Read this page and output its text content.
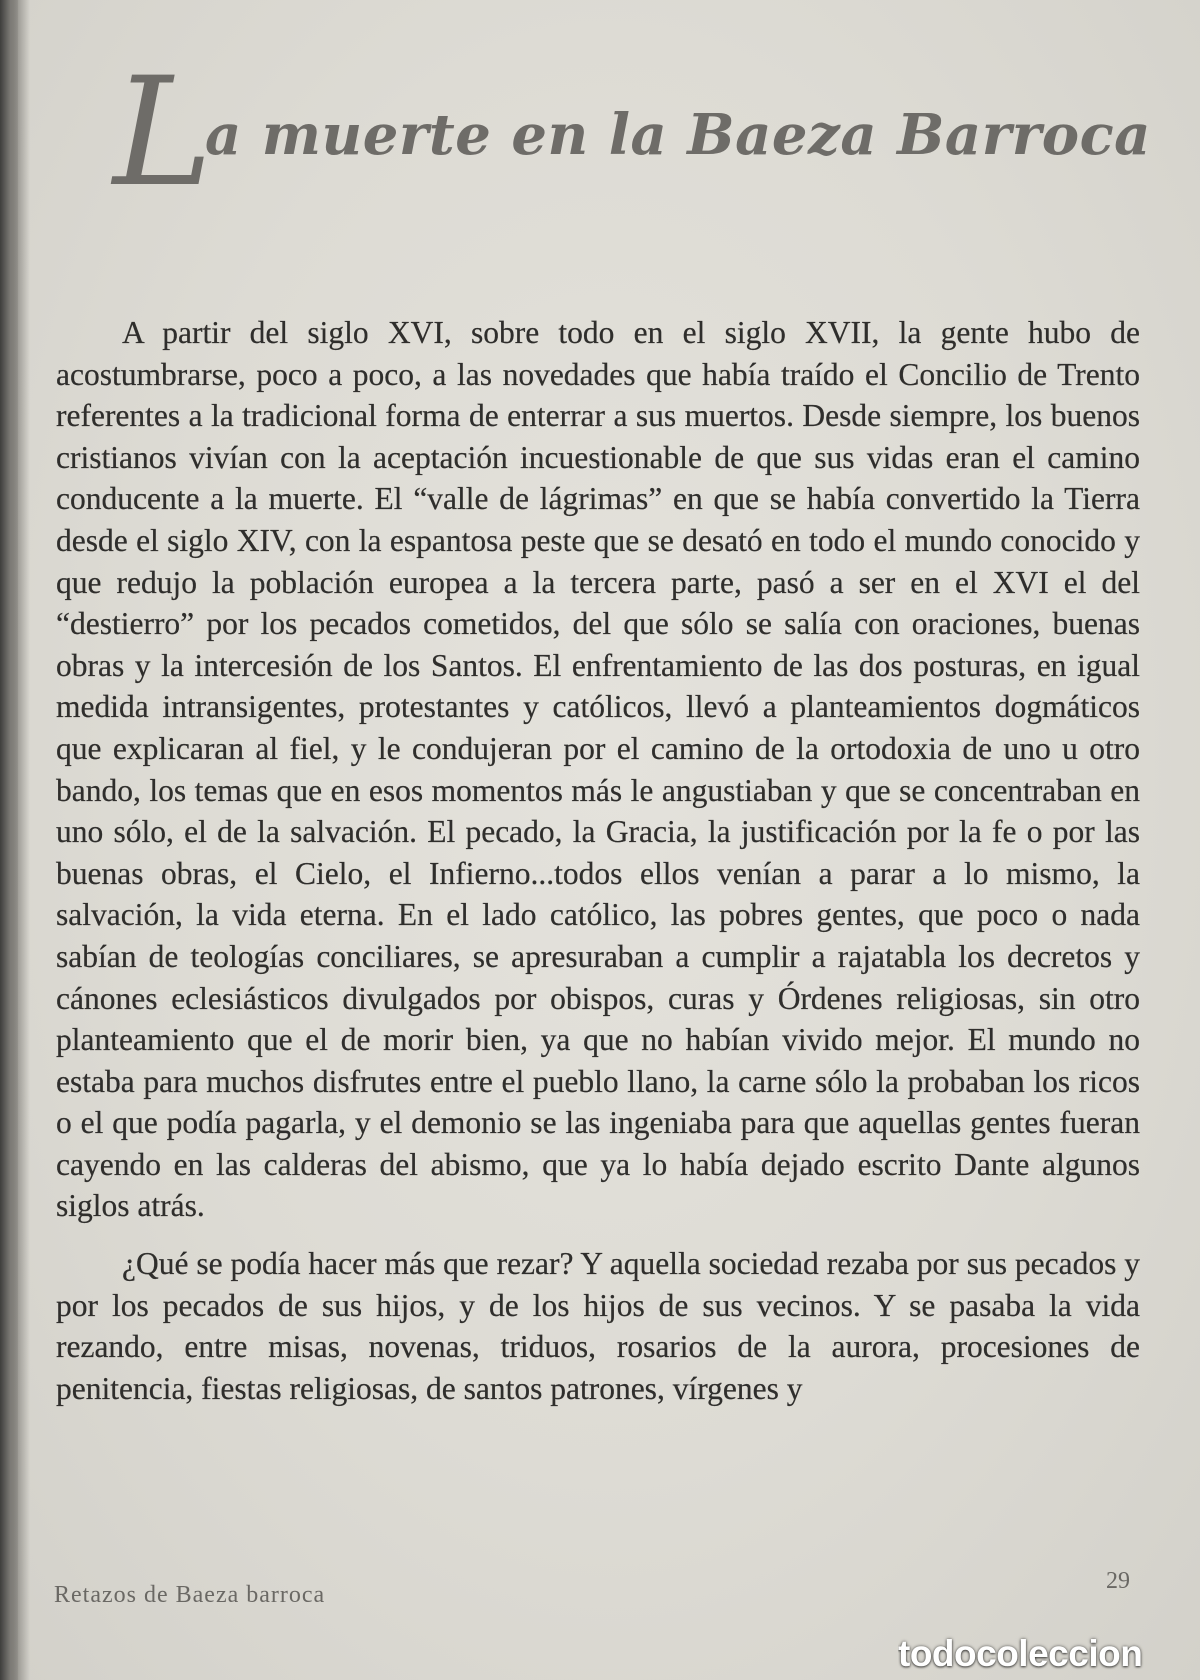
L
a muerte en la Baeza Barroca

A partir del siglo XVI, sobre todo en el siglo XVII, la gente hubo de acostumbrarse, poco a poco, a las novedades que había traído el Concilio de Trento referentes a la tradicional forma de enterrar a sus muertos. Desde siempre, los buenos cristianos vivían con la aceptación incuestionable de que sus vidas eran el camino conducente a la muerte. El “valle de lágrimas” en que se había convertido la Tierra desde el siglo XIV, con la espantosa peste que se desató en todo el mundo conocido y que redujo la población europea a la tercera parte, pasó a ser en el XVI el del “destierro” por los pecados cometidos, del que sólo se salía con oraciones, buenas obras y la intercesión de los Santos. El enfrentamiento de las dos posturas, en igual medida intransigentes, protestantes y católicos, llevó a planteamientos dogmáticos que explicaran al fiel, y le condujeran por el camino de la ortodoxia de uno u otro bando, los temas que en esos momentos más le angustiaban y que se concentraban en uno sólo, el de la salvación. El pecado, la Gracia, la justificación por la fe o por las buenas obras, el Cielo, el Infierno...todos ellos venían a parar a lo mismo, la salvación, la vida eterna. En el lado católico, las pobres gentes, que poco o nada sabían de teologías conciliares, se apresuraban a cumplir a rajatabla los decretos y cánones eclesiásticos divulgados por obispos, curas y Órdenes religiosas, sin otro planteamiento que el de morir bien, ya que no habían vivido mejor. El mundo no estaba para muchos disfrutes entre el pueblo llano, la carne sólo la probaban los ricos o el que podía pagarla, y el demonio se las ingeniaba para que aquellas gentes fueran cayendo en las calderas del abismo, que ya lo había dejado escrito Dante algunos siglos atrás.

¿Qué se podía hacer más que rezar? Y aquella sociedad rezaba por sus pecados y por los pecados de sus hijos, y de los hijos de sus vecinos. Y se pasaba la vida rezando, entre misas, novenas, triduos, rosarios de la aurora, procesiones de penitencia, fiestas religiosas, de santos patrones, vírgenes y

Retazos de Baeza barroca
29
todocoleccion
